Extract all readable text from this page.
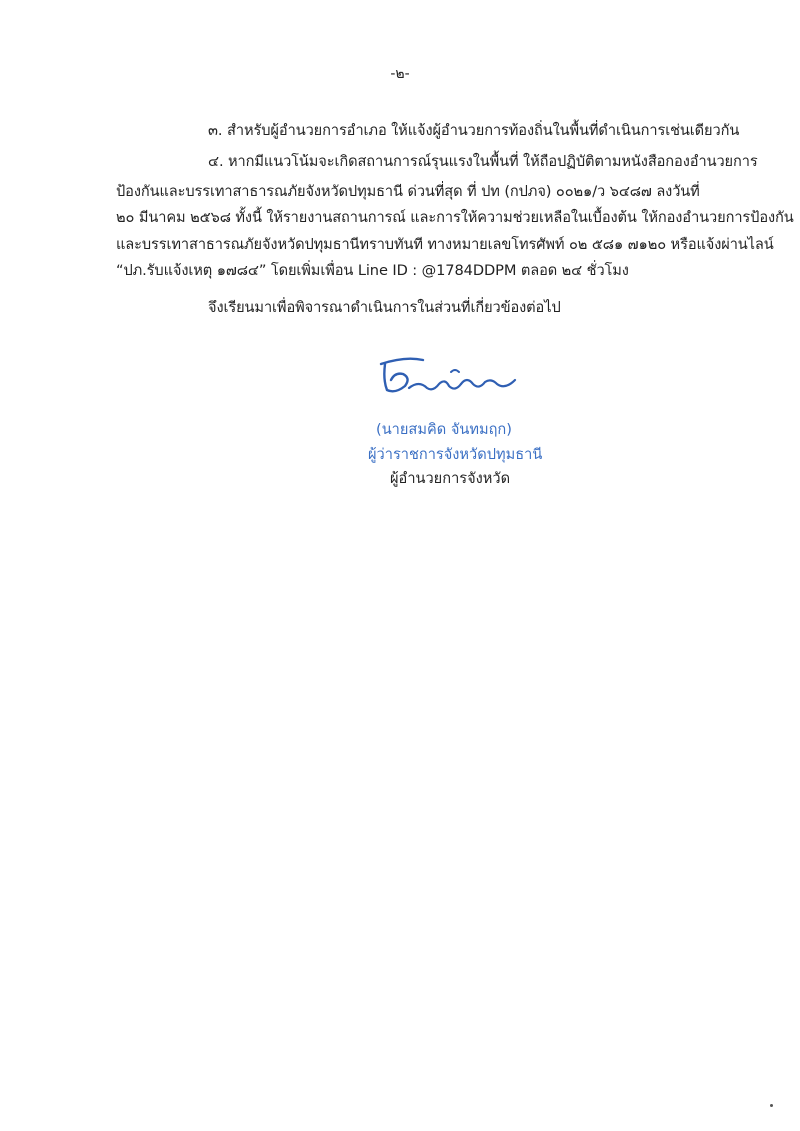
-๒-
๓. สำหรับผู้อำนวยการอำเภอ ให้แจ้งผู้อำนวยการท้องถิ่นในพื้นที่ดำเนินการเช่นเดียวกัน
๔. หากมีแนวโน้มจะเกิดสถานการณ์รุนแรงในพื้นที่ ให้ถือปฏิบัติตามหนังสือกองอำนวยการ
ป้องกันและบรรเทาสาธารณภัยจังหวัดปทุมธานี ด่วนที่สุด ที่ ปท (กปภจ) ๐๐๒๑/ว ๖๔๘๗ ลงวันที่
๒๐ มีนาคม ๒๕๖๘ ทั้งนี้ ให้รายงานสถานการณ์ และการให้ความช่วยเหลือในเบื้องต้น ให้กองอำนวยการป้องกัน
และบรรเทาสาธารณภัยจังหวัดปทุมธานีทราบทันที ทางหมายเลขโทรศัพท์ ๐๒ ๕๘๑ ๗๑๒๐ หรือแจ้งผ่านไลน์
“ปภ.รับแจ้งเหตุ ๑๗๘๔” โดยเพิ่มเพื่อน Line ID : @1784DDPM ตลอด ๒๔ ชั่วโมง
จึงเรียนมาเพื่อพิจารณาดำเนินการในส่วนที่เกี่ยวข้องต่อไป
(นายสมคิด จันทมฤก)
ผู้ว่าราชการจังหวัดปทุมธานี
ผู้อำนวยการจังหวัด
